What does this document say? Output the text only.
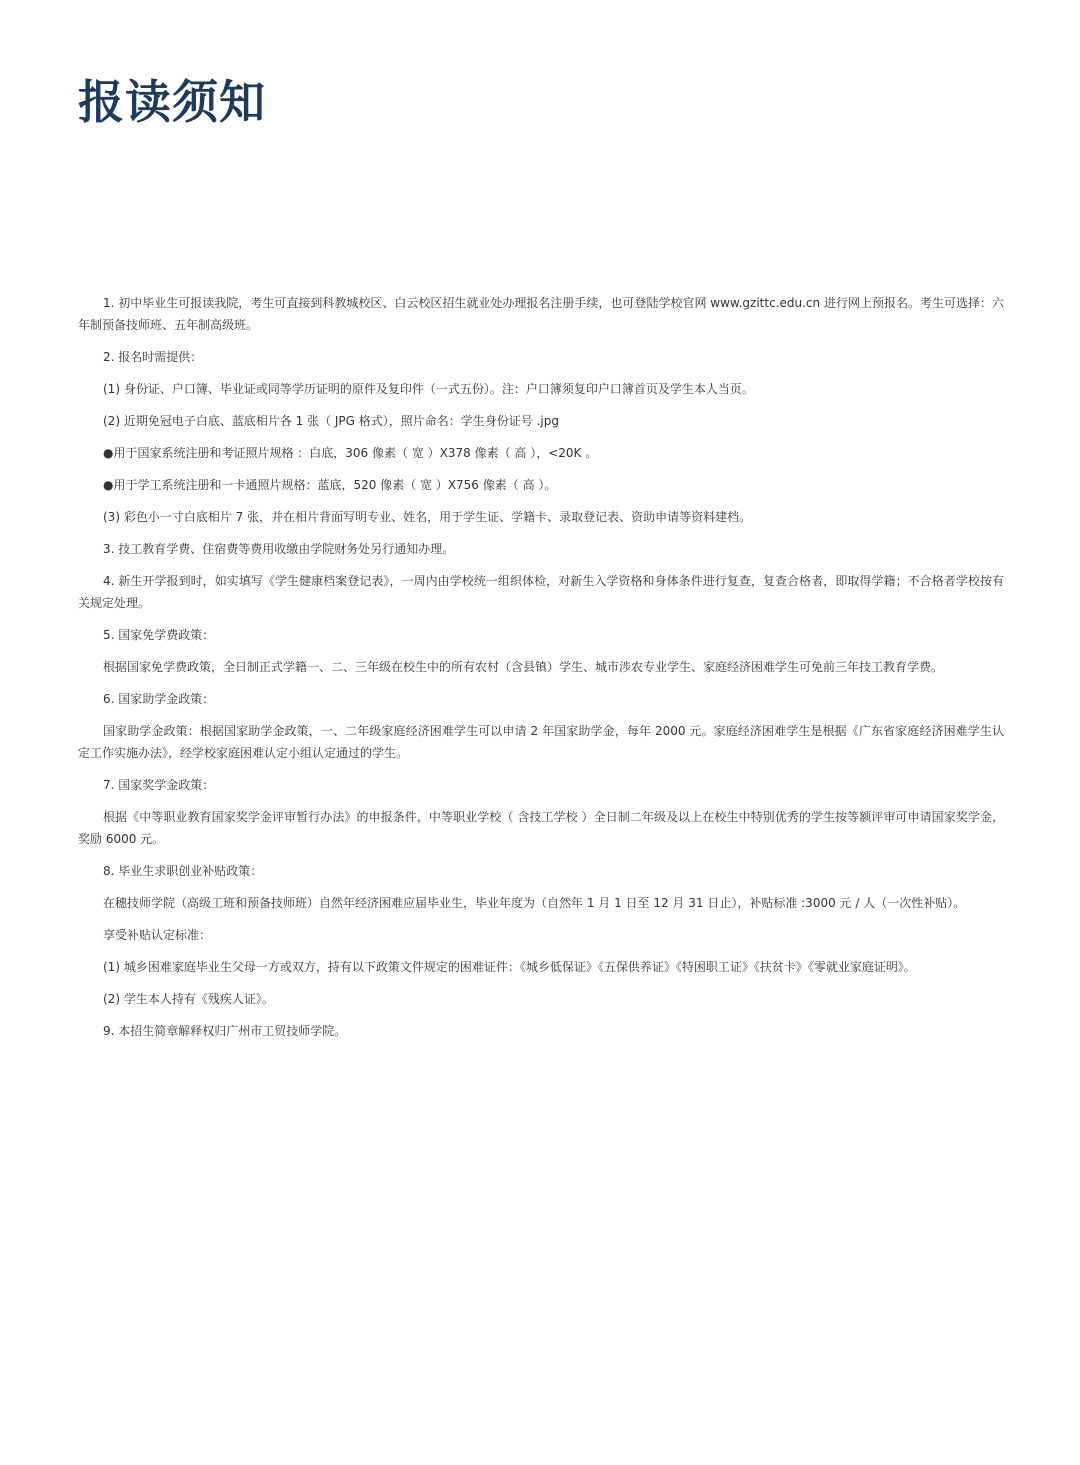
报读须知

1. 初中毕业生可报读我院，考生可直接到科教城校区、白云校区招生就业处办理报名注册手续，也可登陆学校官网 www.gzittc.edu.cn 进行网上预报名。考生可选择：六年制预备技师班、五年制高级班。

2. 报名时需提供：

(1) 身份证、户口簿、毕业证或同等学历证明的原件及复印件（一式五份）。注：户口簿须复印户口簿首页及学生本人当页。

(2) 近期免冠电子白底、蓝底相片各 1 张（ JPG 格式），照片命名：学生身份证号 .jpg

●用于国家系统注册和考证照片规格 ：白底，306 像素（ 宽 ）X378 像素（ 高 ），<20K 。

●用于学工系统注册和一卡通照片规格：蓝底，520 像素（ 宽 ）X756 像素（ 高 ）。

(3) 彩色小一寸白底相片 7 张，并在相片背面写明专业、姓名，用于学生证、学籍卡、录取登记表、资助申请等资料建档。

3. 技工教育学费、住宿费等费用收缴由学院财务处另行通知办理。

4. 新生开学报到时，如实填写《学生健康档案登记表》，一周内由学校统一组织体检，对新生入学资格和身体条件进行复查，复查合格者，即取得学籍；不合格者学校按有关规定处理。

5. 国家免学费政策：

根据国家免学费政策，全日制正式学籍一、二、三年级在校生中的所有农村（含县镇）学生、城市涉农专业学生、家庭经济困难学生可免前三年技工教育学费。

6. 国家助学金政策：

国家助学金政策：根据国家助学金政策，一、二年级家庭经济困难学生可以申请 2 年国家助学金，每年 2000 元。家庭经济困难学生是根据《广东省家庭经济困难学生认定工作实施办法》，经学校家庭困难认定小组认定通过的学生。

7. 国家奖学金政策：

根据《中等职业教育国家奖学金评审暂行办法》的申报条件，中等职业学校（ 含技工学校 ）全日制二年级及以上在校生中特别优秀的学生按等额评审可申请国家奖学金，奖励 6000 元。

8. 毕业生求职创业补贴政策：

在穗技师学院（高级工班和预备技师班）自然年经济困难应届毕业生，毕业年度为（自然年 1 月 1 日至 12 月 31 日止），补贴标准 :3000 元 / 人（一次性补贴）。

享受补贴认定标准：

(1) 城乡困难家庭毕业生父母一方或双方，持有以下政策文件规定的困难证件：《城乡低保证》《五保供养证》《特困职工证》《扶贫卡》《零就业家庭证明》。

(2) 学生本人持有《残疾人证》。

9. 本招生简章解释权归广州市工贸技师学院。
